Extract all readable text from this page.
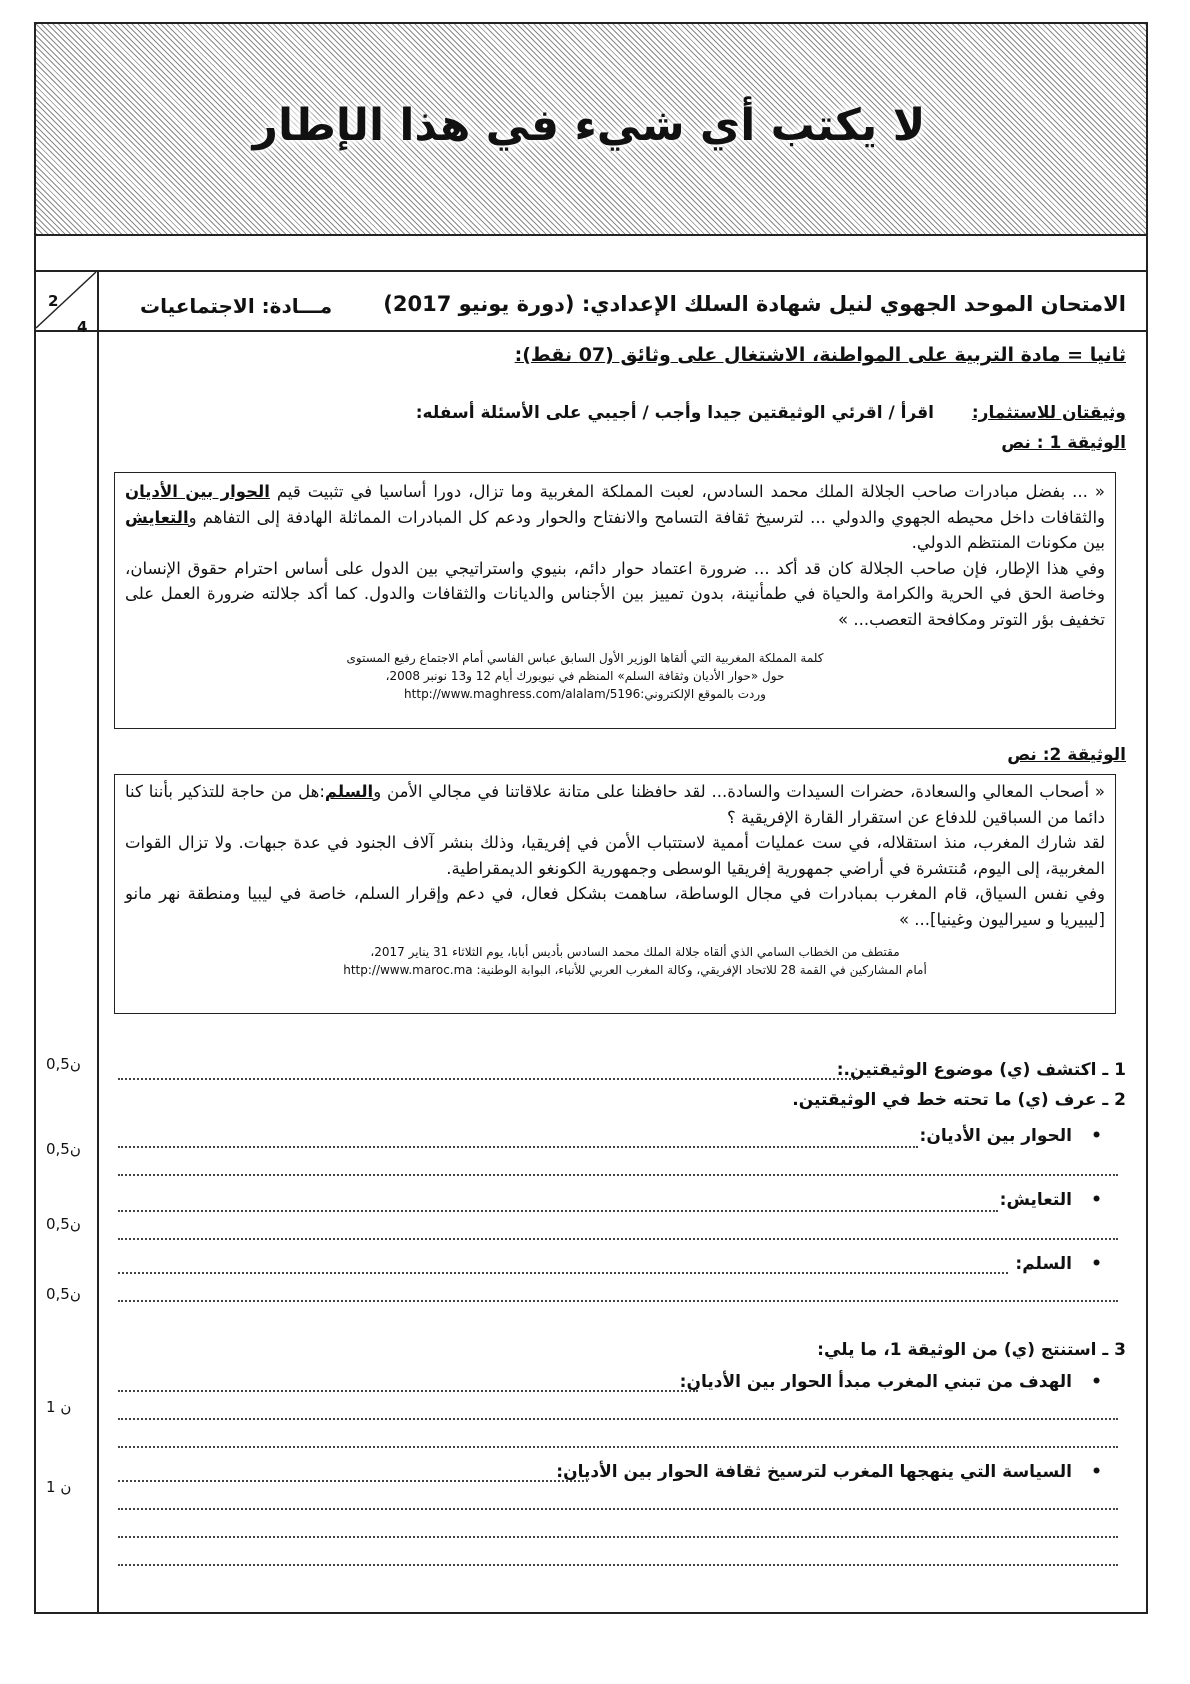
لا يكتب أي شيء في هذا الإطار
2
4
الامتحان الموحد الجهوي لنيل شهادة السلك الإعدادي: (دورة يونيو 2017)
مـــادة: الاجتماعيات
ثانيا = مادة التربية على المواطنة، الاشتغال على وثائق (07 نقط):
وثيقتان للاستثمار:  اقرأ / اقرئي الوثيقتين جيدا وأجب / أجيبي على الأسئلة أسفله:
الوثيقة 1 : نص

« ... بفضل مبادرات صاحب الجلالة الملك محمد السادس، لعبت المملكة المغربية وما تزال، دورا أساسيا في تثبيت قيم الحوار بين الأديان والثقافات داخل محيطه الجهوي والدولي ... لترسيخ ثقافة التسامح والانفتاح والحوار ودعم كل المبادرات المماثلة الهادفة إلى التفاهم والتعايش بين مكونات المنتظم الدولي.

وفي هذا الإطار، فإن صاحب الجلالة كان قد أكد ... ضرورة اعتماد حوار دائم، بنيوي واستراتيجي بين الدول على أساس احترام حقوق الإنسان، وخاصة الحق في الحرية والكرامة والحياة في طمأنينة، بدون تمييز بين الأجناس والديانات والثقافات والدول. كما أكد جلالته ضرورة العمل على تخفيف بؤر التوتر ومكافحة التعصب... »

كلمة المملكة المغربية التي ألقاها الوزير الأول السابق عباس الفاسي أمام الاجتماع رفيع المستوى
حول «حوار الأديان وثقافة السلم» المنظم في نيويورك أيام 12 و13 نونبر 2008،
وردت بالموقع الإلكتروني:http://www.maghress.com/alalam/5196
الوثيقة 2: نص

« أصحاب المعالي والسعادة، حضرات السيدات والسادة... لقد حافظنا على متانة علاقاتنا في مجالي الأمن والسلم:هل من حاجة للتذكير بأننا كنا دائما من السباقين للدفاع عن استقرار القارة الإفريقية ؟

لقد شارك المغرب، منذ استقلاله، في ست عمليات أممية لاستتباب الأمن في إفريقيا، وذلك بنشر آلاف الجنود في عدة جبهات. ولا تزال القوات المغربية، إلى اليوم، مُنتشرة في أراضي جمهورية إفريقيا الوسطى وجمهورية الكونغو الديمقراطية.

وفي نفس السياق، قام المغرب بمبادرات في مجال الوساطة، ساهمت بشكل فعال، في دعم وإقرار السلم، خاصة في ليبيا ومنطقة نهر مانو [ليبيريا و سيراليون وغينيا]... »

مقتطف من الخطاب السامي الذي ألقاه جلالة الملك محمد السادس بأديس أبابا، يوم الثلاثاء 31 يناير 2017،
أمام المشاركين في القمة 28 للاتحاد الإفريقي، وكالة المغرب العربي للأنباء، البوابة الوطنية: http://www.maroc.ma
1 ـ اكتشف (ي) موضوع الوثيقتين.:
0,5ن
2 ـ عرف (ي) ما تحته خط في الوثيقتين.
•
الحوار بين الأديان:
0,5ن
•
التعايش:
0,5ن
•
السلم:
0,5ن
3 ـ استنتج (ي) من الوثيقة 1، ما يلي:
•
الهدف من تبني المغرب مبدأ الحوار بين الأديان:
1 ن
•
السياسة التي ينهجها المغرب لترسيخ ثقافة الحوار بين الأديان:
1 ن
